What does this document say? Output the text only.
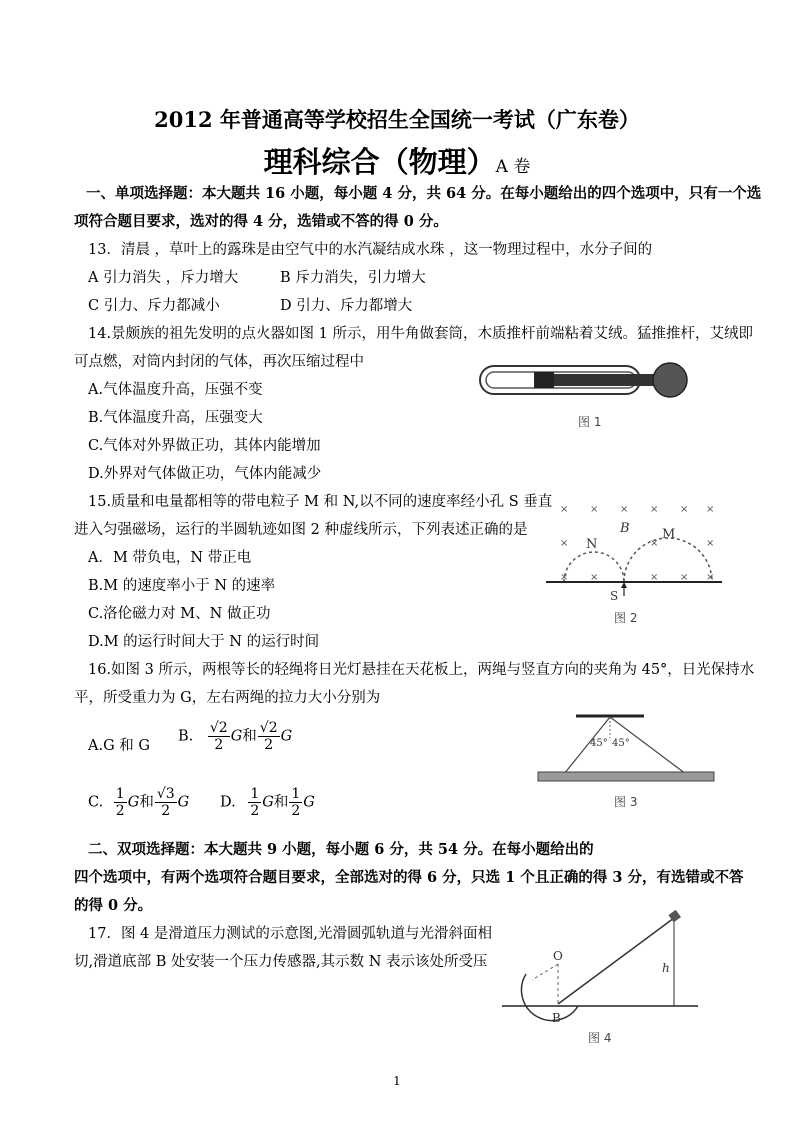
2012 年普通高等学校招生全国统一考试（广东卷）
理科综合（物理）A 卷
一、单项选择题：本大题共 16 小题，每小题 4 分，共 64 分。在每小题给出的四个选项中，只有一个选
项符合题目要求，选对的得 4 分，选错或不答的得 0 分。
13．清晨 ，草叶上的露珠是由空气中的水汽凝结成水珠 ，这一物理过程中，水分子间的
A 引力消失 ，斥力增大	B 斥力消失，引力增大
C 引力、斥力都减小	D 引力、斥力都增大
14.景颇族的祖先发明的点火器如图 1 所示，用牛角做套筒，木质推杆前端粘着艾绒。猛推推杆，艾绒即
可点燃，对筒内封闭的气体，再次压缩过程中
A.气体温度升高，压强不变
B.气体温度升高，压强变大
C.气体对外界做正功，其体内能增加
D.外界对气体做正功，气体内能减少
图 1
15.质量和电量都相等的带电粒子 M 和 N,以不同的速度率经小孔 S 垂直
进入匀强磁场，运行的半圆轨迹如图 2 种虚线所示，下列表述正确的是
A．M 带负电，N 带正电
B.M 的速度率小于 N 的速率
C.洛伦磁力对 M、N 做正功
D.M 的运行时间大于 N 的运行时间
× × × × × ×
×	×	×
× ×	× × ×
B
N
M
S
图 2
16.如图 3 所示，两根等长的轻绳将日光灯悬挂在天花板上，两绳与竖直方向的夹角为 45°，日光保持水
平，所受重力为 G，左右两绳的拉力大小分别为
A.G 和 G
B. $\frac{√2}{2}$ G和 $\frac{√2}{2}$ G
C. $\frac{1}{2}$ G和 $\frac{√3}{2}$ G D. $\frac{1}{2}$ G和 $\frac{1}{2}$ G
45° 45°
图 3
二、双项选择题：本大题共 9 小题，每小题 6 分，共 54 分。在每小题给出的
四个选项中，有两个选项符合题目要求，全部选对的得 6 分，只选 1 个且正确的得 3 分，有选错或不答
的得 0 分。
17．图 4 是滑道压力测试的示意图,光滑圆弧轨道与光滑斜面相
切,滑道底部 B 处安装一个压力传感器,其示数 N 表示该处所受压	O
h
B
图 4
1
